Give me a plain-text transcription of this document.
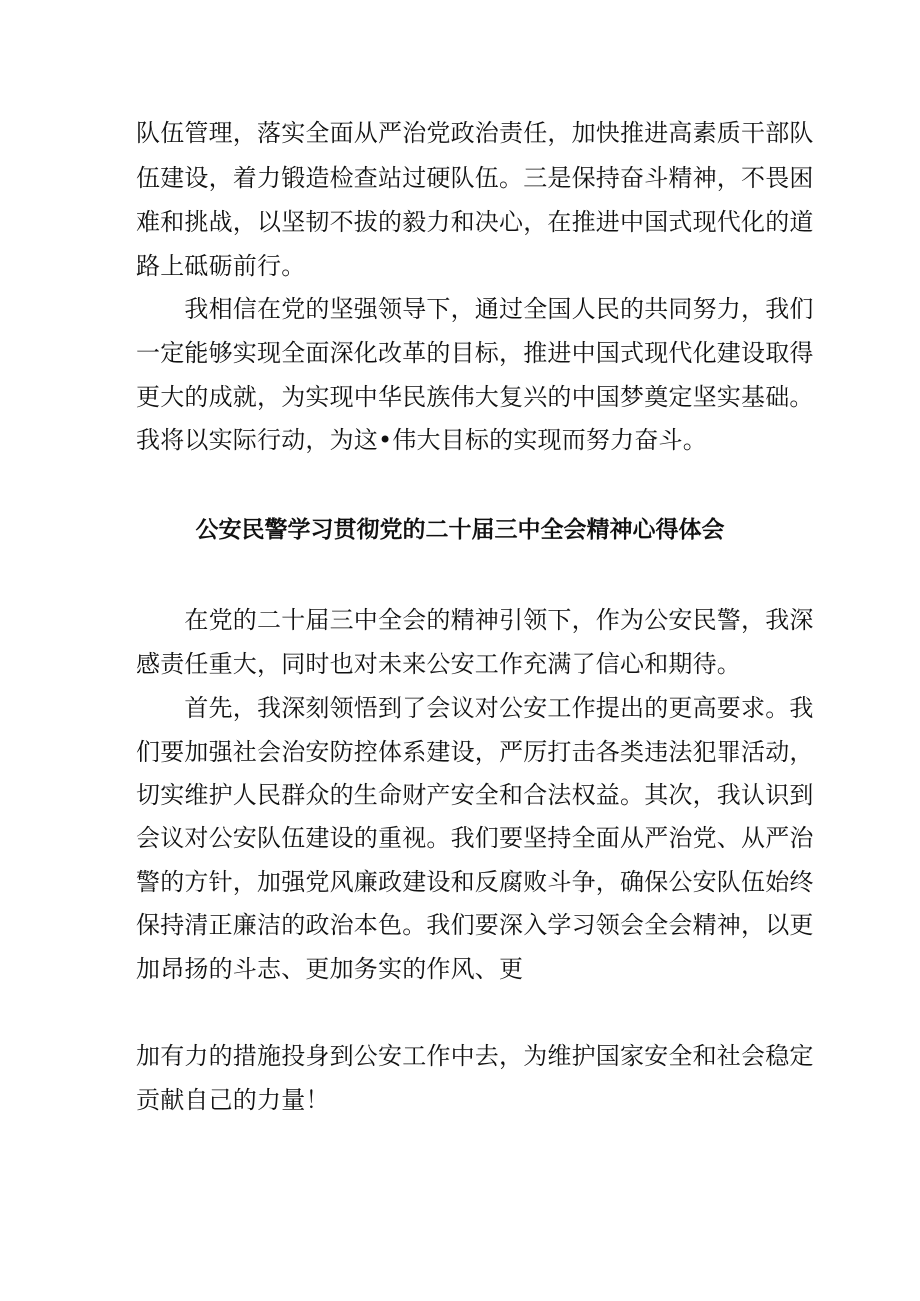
队伍管理，落实全面从严治党政治责任，加快推进高素质干部队
伍建设，着力锻造检查站过硬队伍。三是保持奋斗精神，不畏困
难和挑战，以坚韧不拔的毅力和决心，在推进中国式现代化的道
路上砥砺前行。
　　我相信在党的坚强领导下，通过全国人民的共同努力，我们
一定能够实现全面深化改革的目标，推进中国式现代化建设取得
更大的成就，为实现中华民族伟大复兴的中国梦奠定坚实基础。
我将以实际行动，为这•伟大目标的实现而努力奋斗。
公安民警学习贯彻党的二十届三中全会精神心得体会
　　在党的二十届三中全会的精神引领下，作为公安民警，我深
感责任重大，同时也对未来公安工作充满了信心和期待。
　　首先，我深刻领悟到了会议对公安工作提出的更高要求。我
们要加强社会治安防控体系建设，严厉打击各类违法犯罪活动，
切实维护人民群众的生命财产安全和合法权益。其次，我认识到
会议对公安队伍建设的重视。我们要坚持全面从严治党、从严治
警的方针，加强党风廉政建设和反腐败斗争，确保公安队伍始终
保持清正廉洁的政治本色。我们要深入学习领会全会精神，以更
加昂扬的斗志、更加务实的作风、更
加有力的措施投身到公安工作中去，为维护国家安全和社会稳定
贡献自己的力量！
